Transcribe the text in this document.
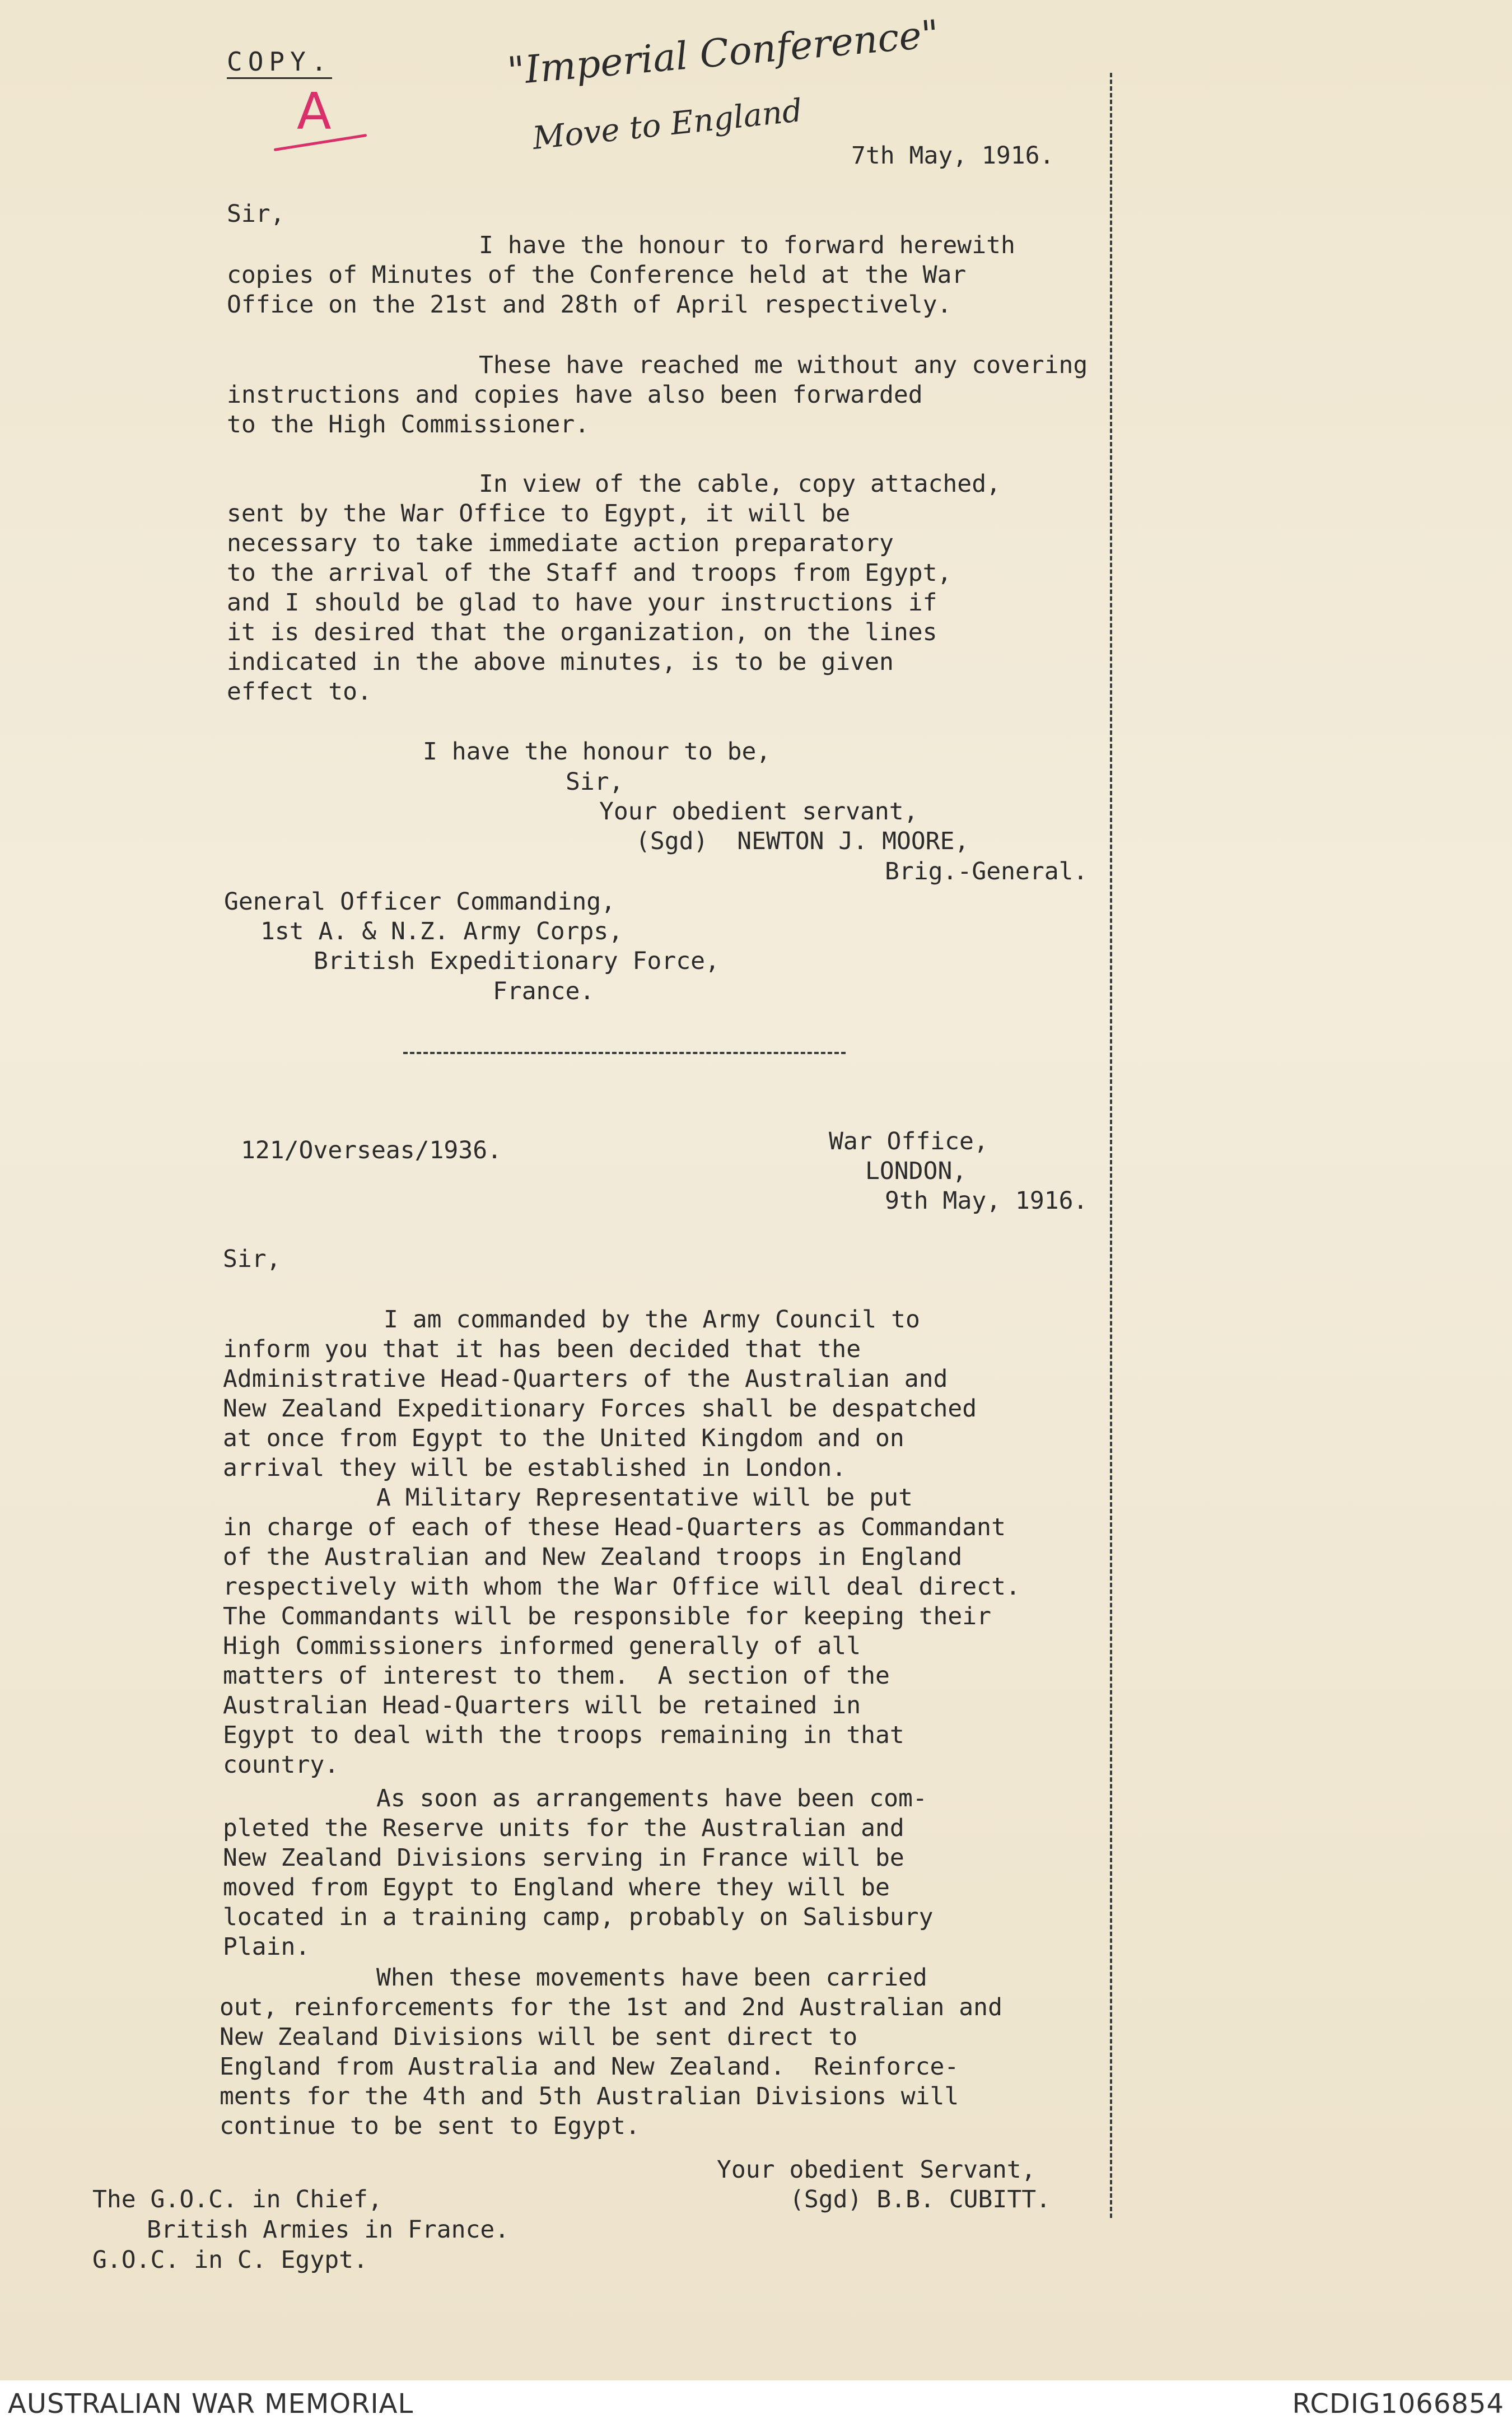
COPY.
A
"Imperial Conference"
Move to England 7th May, 1916.
Sir,
I have the honour to forward herewith
copies of Minutes of the Conference held at the War
Office on the 21st and 28th of April respectively.
These have reached me without any covering
instructions and copies have also been forwarded
to the High Commissioner.
In view of the cable, copy attached,
sent by the War Office to Egypt, it will be
necessary to take immediate action preparatory
to the arrival of the Staff and troops from Egypt,
and I should be glad to have your instructions if
it is desired that the organization, on the lines
indicated in the above minutes, is to be given
effect to.
I have the honour to be,
Sir,
Your obedient servant,
(Sgd)  NEWTON J. MOORE,
Brig.-General.
General Officer Commanding,
1st A. & N.Z. Army Corps,
British Expeditionary Force,
France.
121/Overseas/1936.	War Office,
LONDON,
9th May, 1916.
Sir,
I am commanded by the Army Council to
inform you that it has been decided that the
Administrative Head-Quarters of the Australian and
New Zealand Expeditionary Forces shall be despatched
at once from Egypt to the United Kingdom and on
arrival they will be established in London.
A Military Representative will be put
in charge of each of these Head-Quarters as Commandant
of the Australian and New Zealand troops in England
respectively with whom the War Office will deal direct.
The Commandants will be responsible for keeping their
High Commissioners informed generally of all
matters of interest to them.  A section of the
Australian Head-Quarters will be retained in
Egypt to deal with the troops remaining in that
country.
As soon as arrangements have been com-
pleted the Reserve units for the Australian and
New Zealand Divisions serving in France will be
moved from Egypt to England where they will be
located in a training camp, probably on Salisbury
Plain.
When these movements have been carried
out, reinforcements for the 1st and 2nd Australian and
New Zealand Divisions will be sent direct to
England from Australia and New Zealand.  Reinforce-
ments for the 4th and 5th Australian Divisions will
continue to be sent to Egypt.
Your obedient Servant,
(Sgd) B.B. CUBITT.
The G.O.C. in Chief,
British Armies in France.
G.O.C. in C. Egypt.
AUSTRALIAN WAR MEMORIAL	RCDIG1066854
